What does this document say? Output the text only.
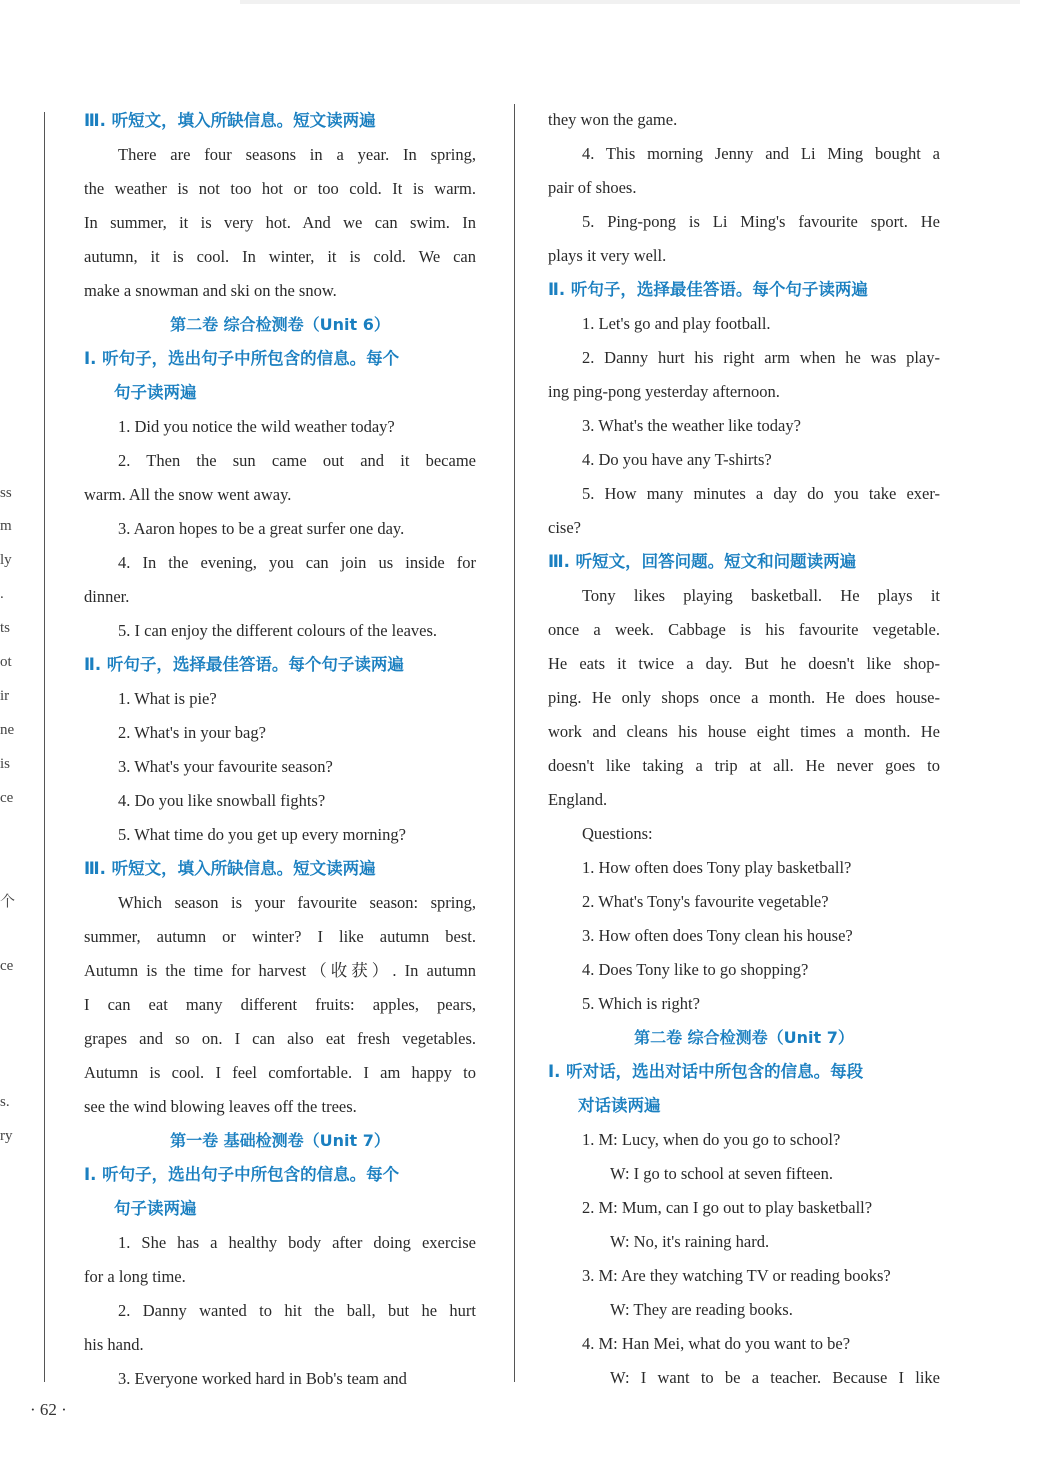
ss
m
ly
.
ts
ot
ir
ne
is
ce
个
ce
s.
ry
Ⅲ. 听短文，填入所缺信息。短文读两遍
There are four seasons in a year. In spring,
the weather is not too hot or too cold. It is warm.
In summer, it is very hot. And we can swim. In
autumn, it is cool. In winter, it is cold. We can
make a snowman and ski on the snow.
第二卷 综合检测卷（Unit 6）
Ⅰ. 听句子，选出句子中所包含的信息。每个
句子读两遍
1. Did you notice the wild weather today?
2. Then the sun came out and it became
warm. All the snow went away.
3. Aaron hopes to be a great surfer one day.
4. In the evening, you can join us inside for
dinner.
5. I can enjoy the different colours of the leaves.
Ⅱ. 听句子，选择最佳答语。每个句子读两遍
1. What is pie?
2. What's in your bag?
3. What's your favourite season?
4. Do you like snowball fights?
5. What time do you get up every morning?
Ⅲ. 听短文，填入所缺信息。短文读两遍
Which season is your favourite season: spring,
summer, autumn or winter? I like autumn best.
Autumn is the time for harvest（收获）. In autumn
I can eat many different fruits: apples, pears,
grapes and so on. I can also eat fresh vegetables.
Autumn is cool. I feel comfortable. I am happy to
see the wind blowing leaves off the trees.
第一卷 基础检测卷（Unit 7）
Ⅰ. 听句子，选出句子中所包含的信息。每个
句子读两遍
1. She has a healthy body after doing exercise
for a long time.
2. Danny wanted to hit the ball, but he hurt
his hand.
3. Everyone worked hard in Bob's team and
they won the game.
4. This morning Jenny and Li Ming bought a
pair of shoes.
5. Ping-pong is Li Ming's favourite sport. He
plays it very well.
Ⅱ. 听句子，选择最佳答语。每个句子读两遍
1. Let's go and play football.
2. Danny hurt his right arm when he was play-
ing ping-pong yesterday afternoon.
3. What's the weather like today?
4. Do you have any T-shirts?
5. How many minutes a day do you take exer-
cise?
Ⅲ. 听短文，回答问题。短文和问题读两遍
Tony likes playing basketball. He plays it
once a week. Cabbage is his favourite vegetable.
He eats it twice a day. But he doesn't like shop-
ping. He only shops once a month. He does house-
work and cleans his house eight times a month. He
doesn't like taking a trip at all. He never goes to
England.
Questions:
1. How often does Tony play basketball?
2. What's Tony's favourite vegetable?
3. How often does Tony clean his house?
4. Does Tony like to go shopping?
5. Which is right?
第二卷 综合检测卷（Unit 7）
Ⅰ. 听对话，选出对话中所包含的信息。每段
对话读两遍
1. M: Lucy, when do you go to school?
W: I go to school at seven fifteen.
2. M: Mum, can I go out to play basketball?
W: No, it's raining hard.
3. M: Are they watching TV or reading books?
W: They are reading books.
4. M: Han Mei, what do you want to be?
W: I want to be a teacher. Because I like
· 62 ·
